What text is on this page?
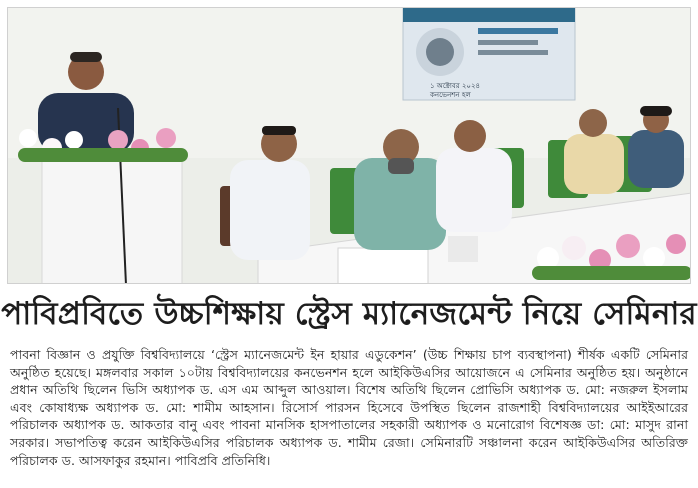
১ অক্টোবর ২০২৪
কনভেনশন হল
পাবিপ্রবিতে উচ্চশিক্ষায় স্ট্রেস ম্যানেজমেন্ট নিয়ে সেমিনার
পাবনা বিজ্ঞান ও প্রযুক্তি বিশ্ববিদ্যালয়ে ‘স্ট্রেস ম্যানেজমেন্ট ইন হায়ার এডুকেশন’ (উচ্চ শিক্ষায় চাপ ব্যবস্থাপনা) শীর্ষক একটি সেমিনার অনুষ্ঠিত হয়েছে। মঙ্গলবার সকাল ১০টায় বিশ্ববিদ্যালয়ের কনভেনশন হলে আইকিউএসির আয়োজনে এ সেমিনার অনুষ্ঠিত হয়। অনুষ্ঠানে প্রধান অতিথি ছিলেন ভিসি অধ্যাপক ড. এস এম আব্দুল আওয়াল। বিশেষ অতিথি ছিলেন প্রোভিসি অধ্যাপক ড. মো: নজরুল ইসলাম এবং কোষাধ্যক্ষ অধ্যাপক ড. মো: শামীম আহসান। রিসোর্স পারসন হিসেবে উপস্থিত ছিলেন রাজশাহী বিশ্ববিদ্যালয়ের আইইআরের পরিচালক অধ্যাপক ড. আকতার বানু এবং পাবনা মানসিক হাসপাতালের সহকারী অধ্যাপক ও মনোরোগ বিশেষজ্ঞ ডা: মো: মাসুদ রানা সরকার। সভাপতিত্ব করেন আইকিউএসির পরিচালক অধ্যাপক ড. শামীম রেজা। সেমিনারটি সঞ্চালনা করেন আইকিউএসির অতিরিক্ত পরিচালক ড. আসফাকুর রহমান। পাবিপ্রবি প্রতিনিধি।
